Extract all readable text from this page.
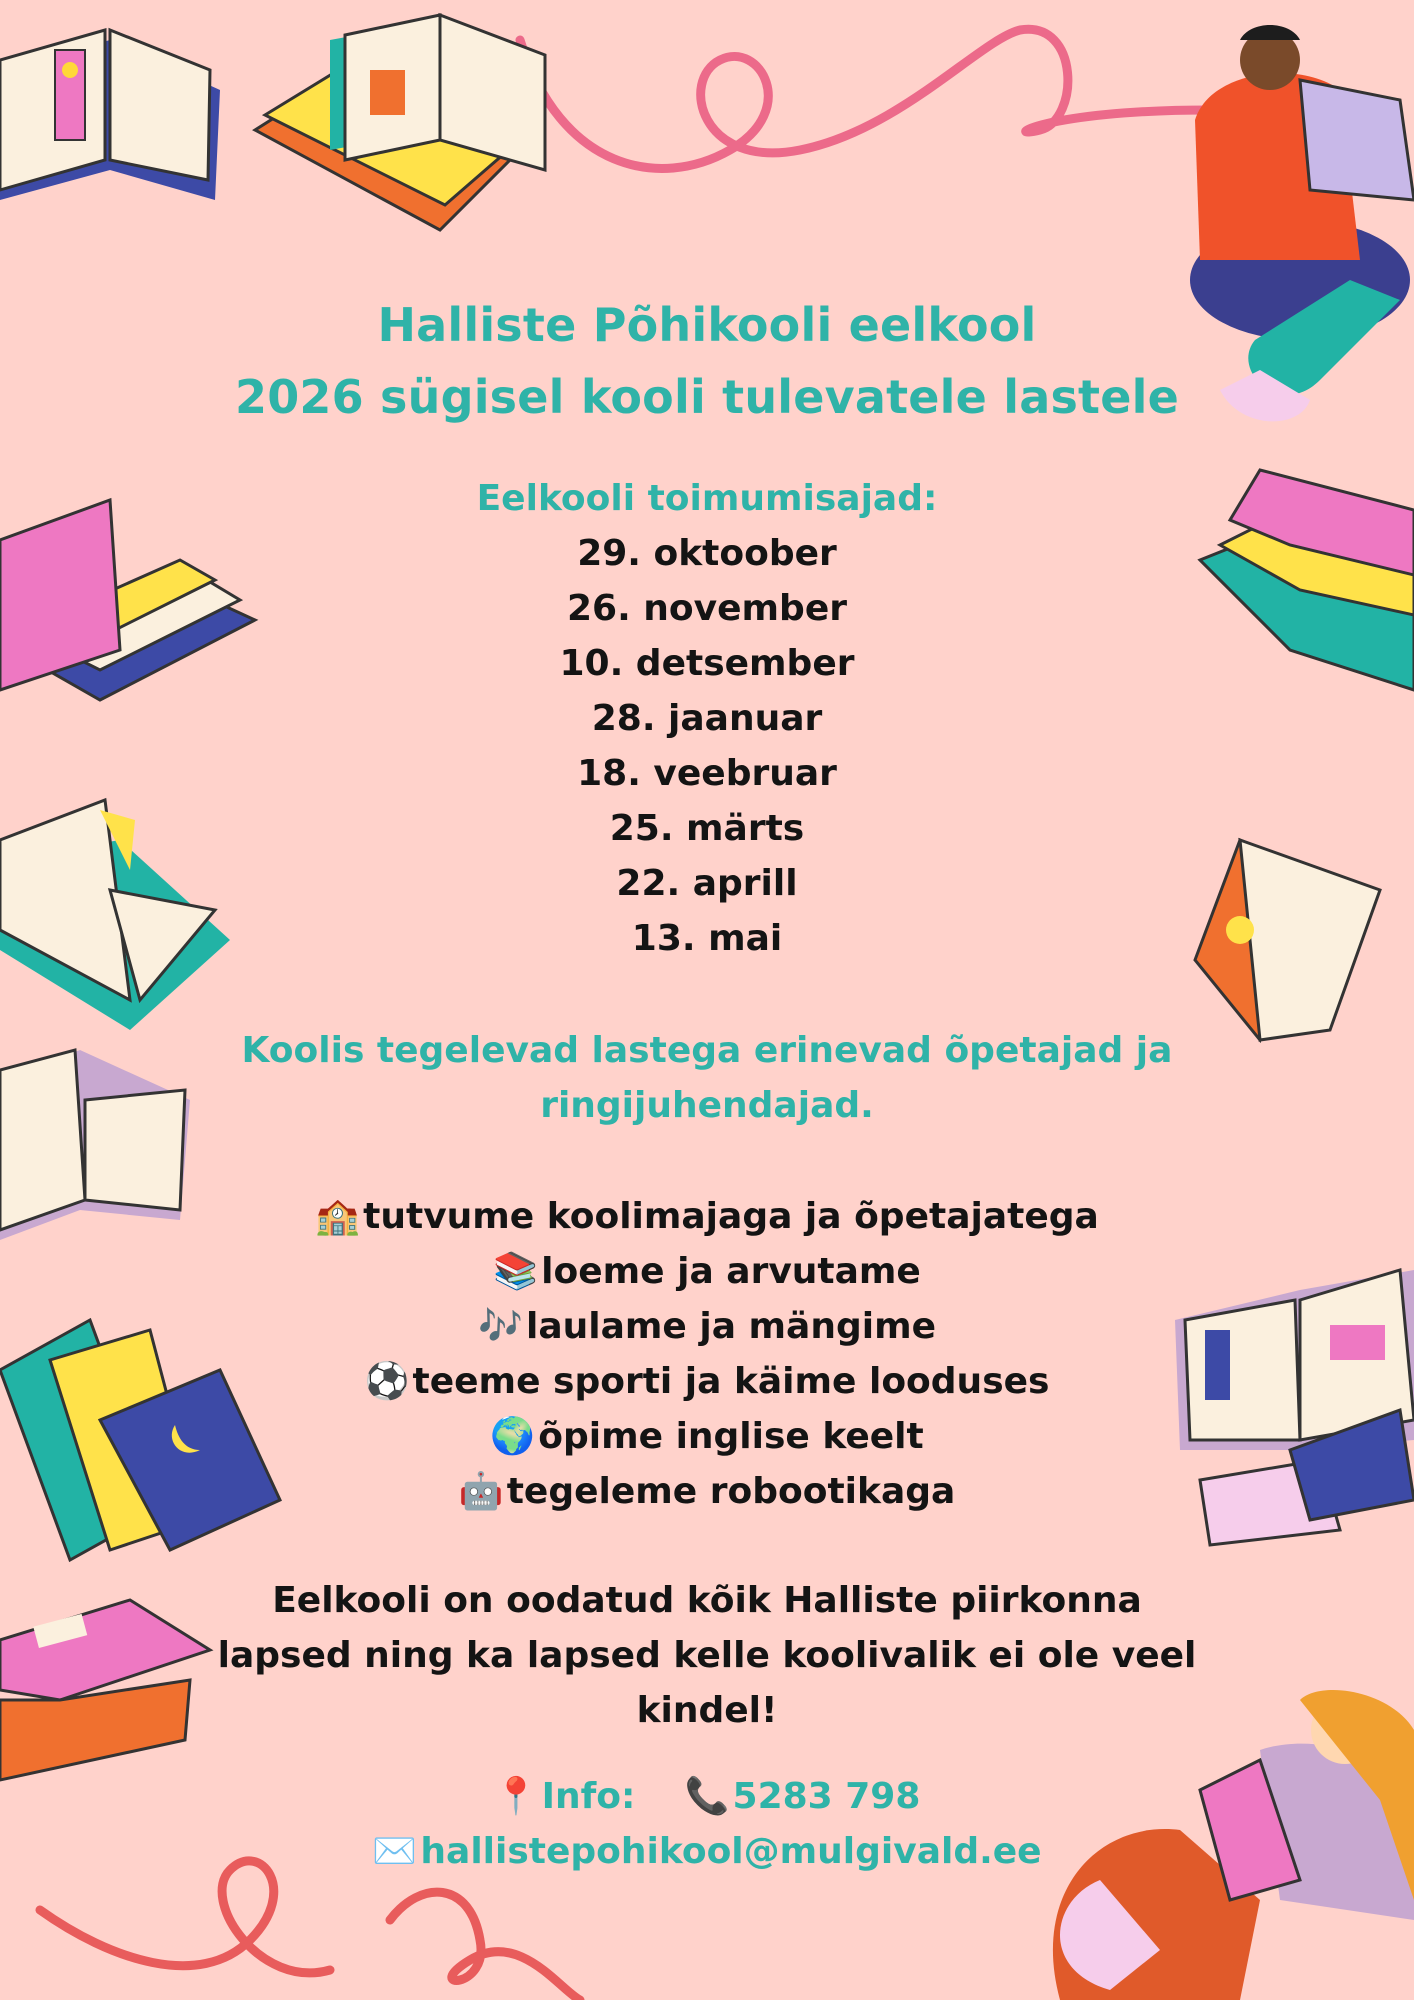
Halliste Põhikooli eelkool
2026 sügisel kooli tulevatele lastele
Eelkooli toimumisajad:
29. oktoober
26. november
10. detsember
28. jaanuar
18. veebruar
25. märts
22. aprill
13. mai
Koolis tegelevad lastega erinevad õpetajad ja
ringijuhendajad.
🏫tutvume koolimajaga ja õpetajatega
📚loeme ja arvutame
🎶laulame ja mängime
⚽teeme sporti ja käime looduses
🌍õpime inglise keelt
🤖tegeleme robootikaga
Eelkooli on oodatud kõik Halliste piirkonna
lapsed ning ka lapsed kelle koolivalik ei ole veel
kindel!
📍Info: 📞5283 798
✉️hallistepohikool@mulgivald.ee
